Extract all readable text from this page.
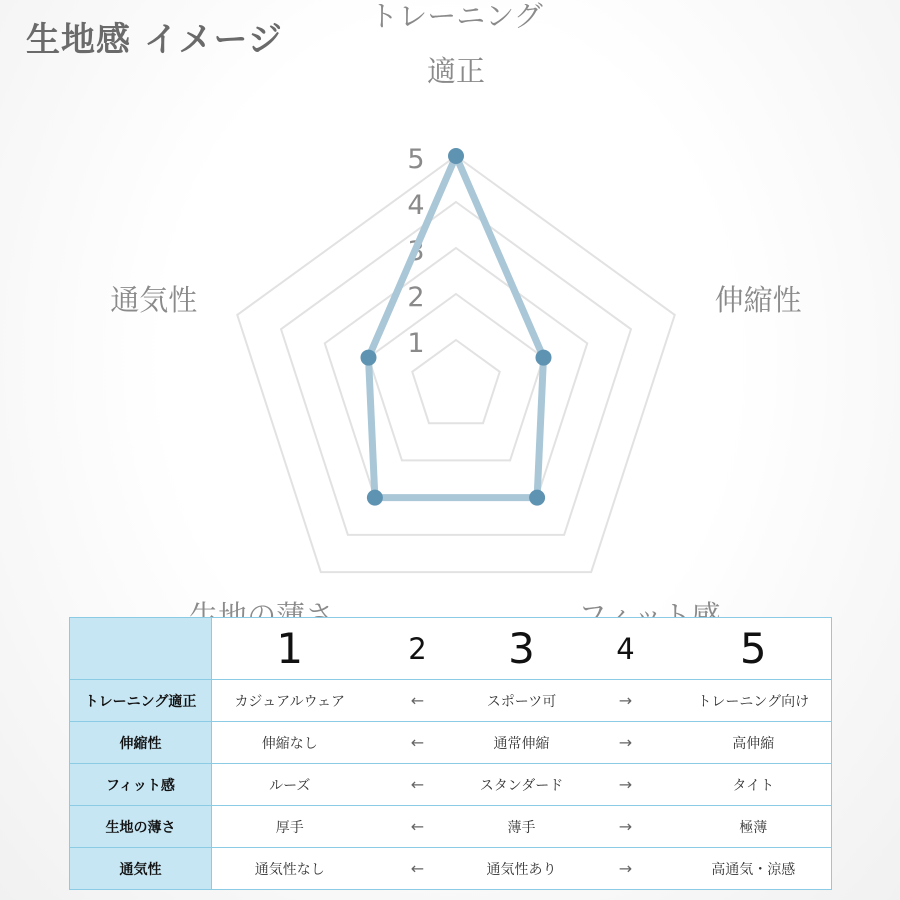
生地感 イメージ
1
2
3
4
5
トレーニング適正
伸縮性
通気性
	1	2	3	4	5
トレーニング適正	カジュアルウェア	←	スポーツ可	→	トレーニング向け
伸縮性	伸縮なし	←	通常伸縮	→	高伸縮
フィット感	ルーズ	←	スタンダード	→	タイト
生地の薄さ	厚手	←	薄手	→	極薄
通気性	通気性なし	←	通気性あり	→	高通気・涼感
